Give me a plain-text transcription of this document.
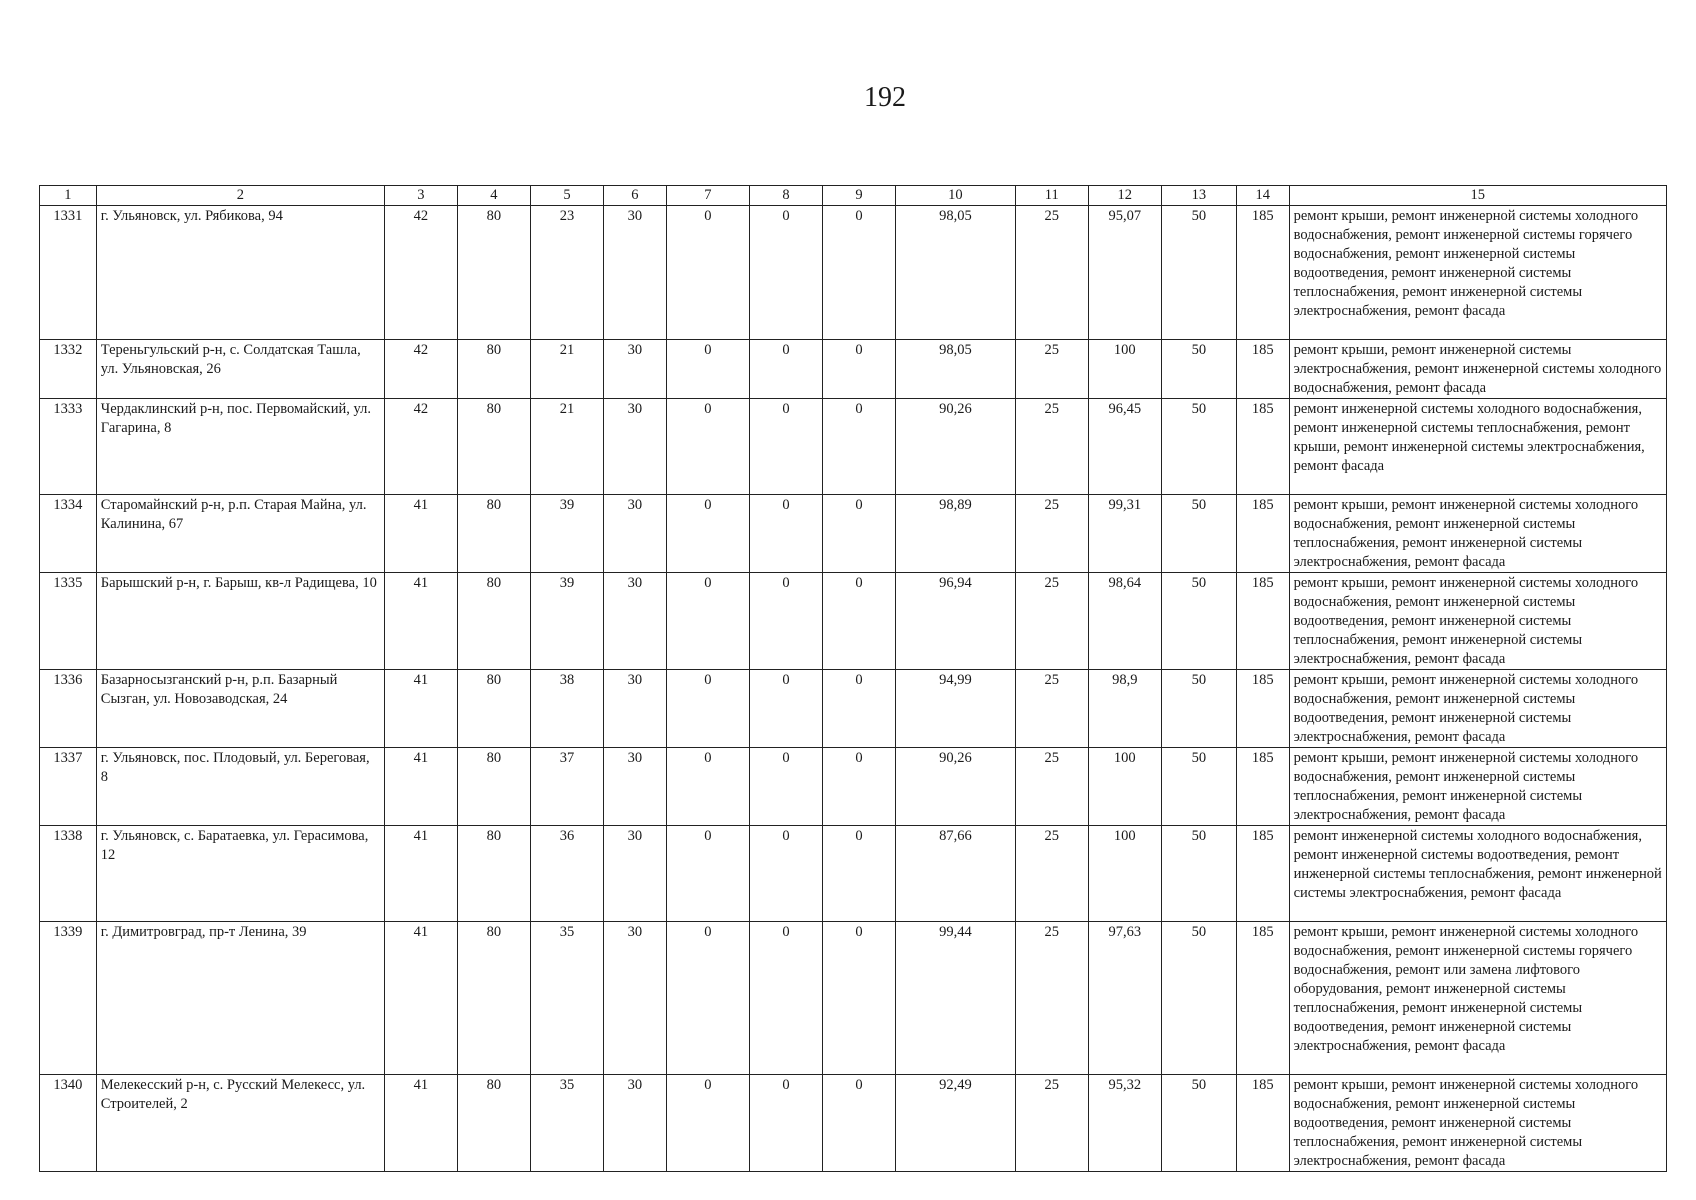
192
1	2	3	4	5	6	7	8	9	10	11	12	13	14	15
1331	г. Ульяновск, ул. Рябикова, 94	42	80	23	30	0	0	0	98,05	25	95,07	50	185	ремонт крыши, ремонт инженерной системы холодного водоснабжения, ремонт инженерной системы горячего водоснабжения, ремонт инженерной системы водоотведения, ремонт инженерной системы теплоснабжения, ремонт инженерной системы электроснабжения, ремонт фасада
1332	Тереньгульский р-н, с. Солдатская Ташла, ул. Ульяновская, 26	42	80	21	30	0	0	0	98,05	25	100	50	185	ремонт крыши, ремонт инженерной системы электроснабжения, ремонт инженерной системы холодного водоснабжения, ремонт фасада
1333	Чердаклинский р-н, пос. Первомайский, ул. Гагарина, 8	42	80	21	30	0	0	0	90,26	25	96,45	50	185	ремонт инженерной системы холодного водоснабжения, ремонт инженерной системы теплоснабжения, ремонт крыши, ремонт инженерной системы электроснабжения, ремонт фасада
1334	Старомайнский р-н, р.п. Старая Майна, ул. Калинина, 67	41	80	39	30	0	0	0	98,89	25	99,31	50	185	ремонт крыши, ремонт инженерной системы холодного водоснабжения, ремонт инженерной системы теплоснабжения, ремонт инженерной системы электроснабжения, ремонт фасада
1335	Барышский р-н, г. Барыш, кв-л Радищева, 10	41	80	39	30	0	0	0	96,94	25	98,64	50	185	ремонт крыши, ремонт инженерной системы холодного водоснабжения, ремонт инженерной системы водоотведения, ремонт инженерной системы теплоснабжения, ремонт инженерной системы электроснабжения, ремонт фасада
1336	Базарносызганский р-н, р.п. Базарный Сызган, ул. Новозаводская, 24	41	80	38	30	0	0	0	94,99	25	98,9	50	185	ремонт крыши, ремонт инженерной системы холодного водоснабжения, ремонт инженерной системы водоотведения, ремонт инженерной системы электроснабжения, ремонт фасада
1337	г. Ульяновск, пос. Плодовый, ул. Береговая, 8	41	80	37	30	0	0	0	90,26	25	100	50	185	ремонт крыши, ремонт инженерной системы холодного водоснабжения, ремонт инженерной системы теплоснабжения, ремонт инженерной системы электроснабжения, ремонт фасада
1338	г. Ульяновск, с. Баратаевка, ул. Герасимова, 12	41	80	36	30	0	0	0	87,66	25	100	50	185	ремонт инженерной системы холодного водоснабжения, ремонт инженерной системы водоотведения, ремонт инженерной системы теплоснабжения, ремонт инженерной системы электроснабжения, ремонт фасада
1339	г. Димитровград, пр-т Ленина, 39	41	80	35	30	0	0	0	99,44	25	97,63	50	185	ремонт крыши, ремонт инженерной системы холодного водоснабжения, ремонт инженерной системы горячего водоснабжения, ремонт или замена лифтового оборудования, ремонт инженерной системы теплоснабжения, ремонт инженерной системы водоотведения, ремонт инженерной системы электроснабжения, ремонт фасада
1340	Мелекесский р-н, с. Русский Мелекесс, ул. Строителей, 2	41	80	35	30	0	0	0	92,49	25	95,32	50	185	ремонт крыши, ремонт инженерной системы холодного водоснабжения, ремонт инженерной системы водоотведения, ремонт инженерной системы теплоснабжения, ремонт инженерной системы электроснабжения, ремонт фасада
